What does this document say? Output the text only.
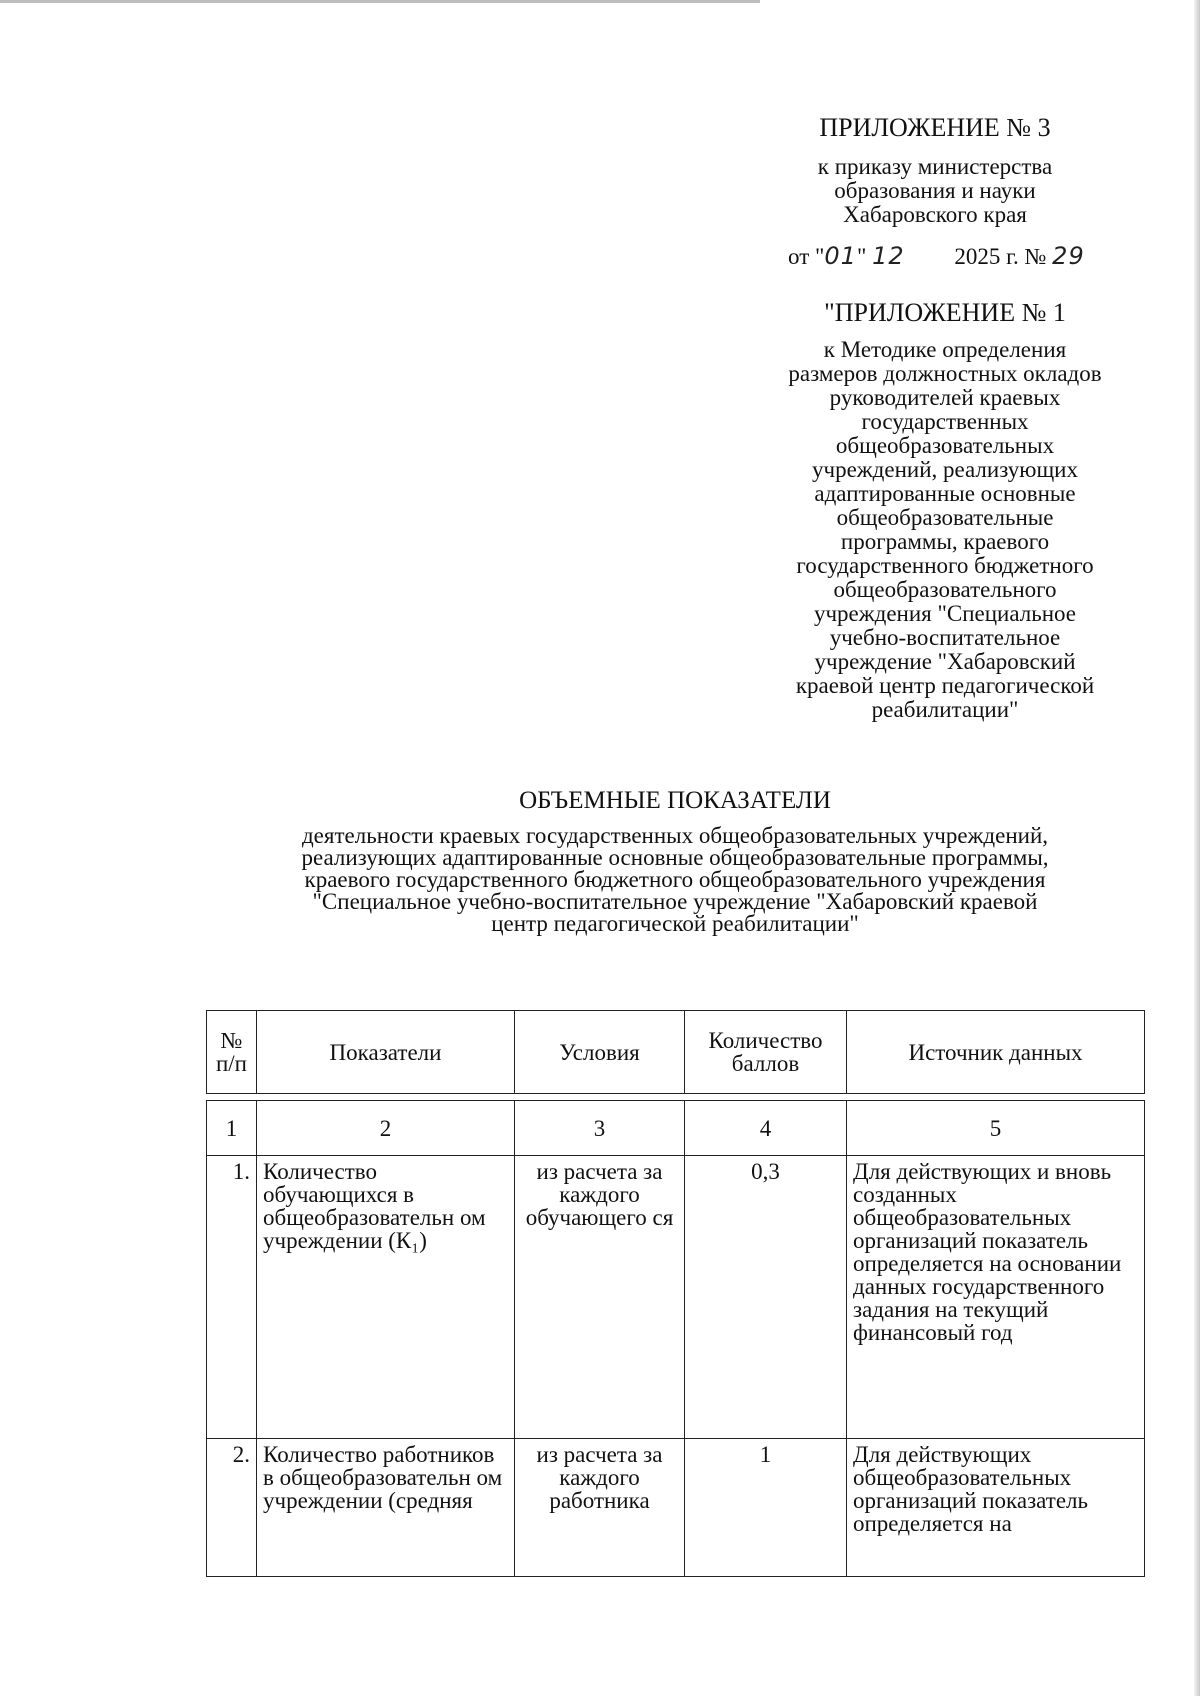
ПРИЛОЖЕНИЕ № 3
к приказу министерства
образования и науки
Хабаровского края
от "01" 12 2025 г. № 29
"ПРИЛОЖЕНИЕ № 1
к Методике определения
размеров должностных окладов
руководителей краевых
государственных
общеобразовательных
учреждений, реализующих
адаптированные основные
общеобразовательные
программы, краевого
государственного бюджетного
общеобразовательного
учреждения "Специальное
учебно-воспитательное
учреждение "Хабаровский
краевой центр педагогической
реабилитации"
ОБЪЕМНЫЕ ПОКАЗАТЕЛИ
деятельности краевых государственных общеобразовательных учреждений,
реализующих адаптированные основные общеобразовательные программы,
краевого государственного бюджетного общеобразовательного учреждения
"Специальное учебно-воспитательное учреждение "Хабаровский краевой
центр педагогической реабилитации"
№ п/п	Показатели	Условия	Количество баллов	Источник данных
1	2	3	4	5
1.	Количество обучающихся в общеобразовательн ом учреждении (К₁)	из расчета за каждого обучающего ся	0,3	Для действующих и вновь созданных общеобразовательных организаций показатель определяется на основании данных государственного задания на текущий финансовый год
2.	Количество работников в общеобразовательн ом учреждении (средняя	из расчета за каждого работника	1	Для действующих общеобразовательных организаций показатель определяется на
